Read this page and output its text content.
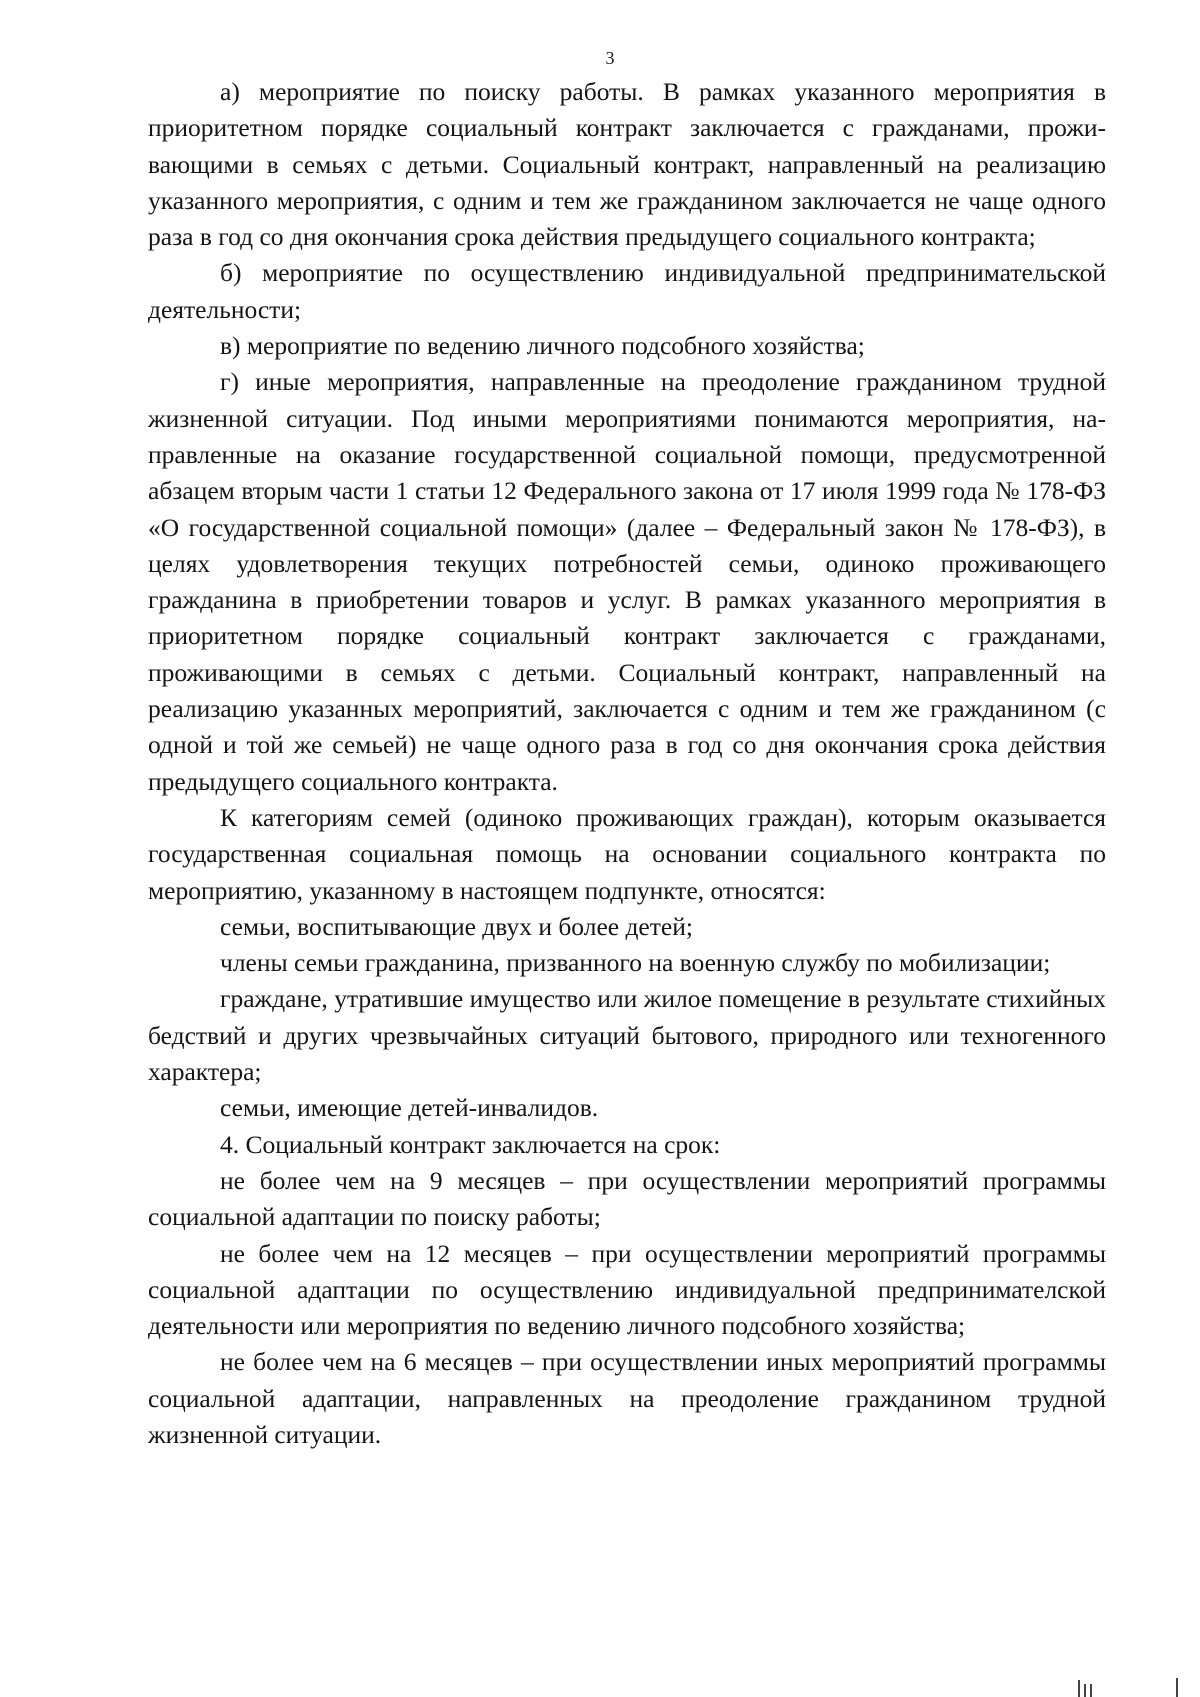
3

а) мероприятие по поиску работы. В рамках указанного мероприятия в приоритетном порядке социальный контракт заключается с гражданами, проживающими в семьях с детьми. Социальный контракт, направленный на реализацию указанного мероприятия, с одним и тем же гражданином заключается не чаще одного раза в год со дня окончания срока действия предыдущего социального контракта;

б) мероприятие по осуществлению индивидуальной предпринимательской деятельности;

в) мероприятие по ведению личного подсобного хозяйства;

г) иные мероприятия, направленные на преодоление гражданином трудной жизненной ситуации. Под иными мероприятиями понимаются мероприятия, направленные на оказание государственной социальной помощи, предусмотренной абзацем вторым части 1 статьи 12 Федерального закона от 17 июля 1999 года № 178-ФЗ «О государственной социальной помощи» (далее – Федеральный закон № 178-ФЗ), в целях удовлетворения текущих потребностей семьи, одиноко проживающего гражданина в приобретении товаров и услуг. В рамках указанного мероприятия в приоритетном порядке социальный контракт заключается с гражданами, проживающими в семьях с детьми. Социальный контракт, направленный на реализацию указанных мероприятий, заключается с одним и тем же гражданином (с одной и той же семьей) не чаще одного раза в год со дня окончания срока действия предыдущего социального контракта.

К категориям семей (одиноко проживающих граждан), которым оказывается государственная социальная помощь на основании социального контракта по мероприятию, указанному в настоящем подпункте, относятся:

семьи, воспитывающие двух и более детей;

члены семьи гражданина, призванного на военную службу по мобилизации;

граждане, утратившие имущество или жилое помещение в результате стихийных бедствий и других чрезвычайных ситуаций бытового, природного или техногенного характера;

семьи, имеющие детей-инвалидов.

4. Социальный контракт заключается на срок:

не более чем на 9 месяцев – при осуществлении мероприятий программы социальной адаптации по поиску работы;

не более чем на 12 месяцев – при осуществлении мероприятий программы социальной адаптации по осуществлению индивидуальной предпринимателской деятельности или мероприятия по ведению личного подсобного хозяйства;

не более чем на 6 месяцев – при осуществлении иных мероприятий программы социальной адаптации, направленных на преодоление гражданином трудной жизненной ситуации.
